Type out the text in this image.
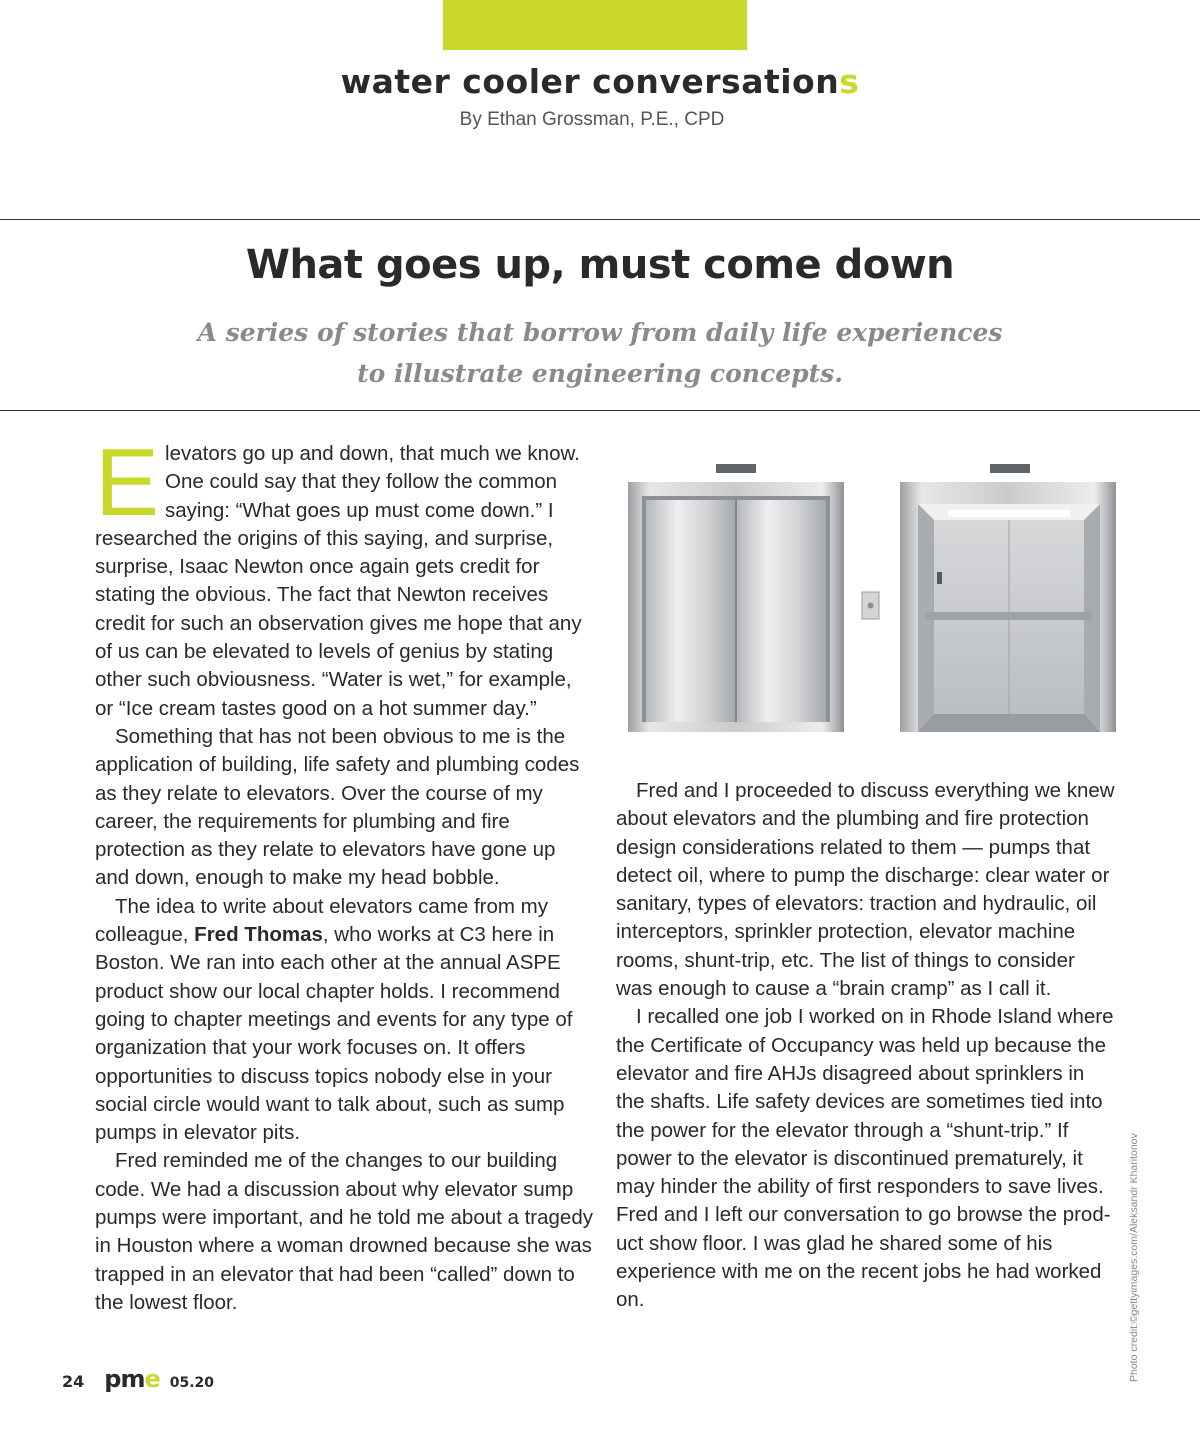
water cooler conversations
By Ethan Grossman, P.E., CPD
What goes up, must come down
A series of stories that borrow from daily life experiences
to illustrate engineering concepts.

Elevators go up and down, that much we know. One could say that they follow the common saying: “What goes up must come down.” I researched the origins of this saying, and surprise, surprise, Isaac Newton once again gets credit for stating the obvious. The fact that Newton receives credit for such an observation gives me hope that any of us can be elevated to levels of genius by stating other such obviousness. “Water is wet,” for example, or “Ice cream tastes good on a hot summer day.”

Something that has not been obvious to me is the application of building, life safety and plumbing codes as they relate to elevators. Over the course of my career, the requirements for plumbing and fire protection as they relate to elevators have gone up and down, enough to make my head bobble.

The idea to write about elevators came from my colleague, Fred Thomas, who works at C3 here in Boston. We ran into each other at the annual ASPE product show our local chapter holds. I recommend going to chapter meetings and events for any type of organization that your work focuses on. It offers opportunities to discuss topics nobody else in your social circle would want to talk about, such as sump pumps in elevator pits.

Fred reminded me of the changes to our building code. We had a discussion about why elevator sump pumps were important, and he told me about a tragedy in Houston where a woman drowned because she was trapped in an elevator that had been “called” down to the lowest floor.

Fred and I proceeded to discuss everything we knew about elevators and the plumbing and fire protection design considerations related to them — pumps that detect oil, where to pump the discharge: clear water or sanitary, types of elevators: traction and hydraulic, oil interceptors, sprinkler protection, elevator machine rooms, shunt-trip, etc. The list of things to consider was enough to cause a “brain cramp” as I call it.

I recalled one job I worked on in Rhode Island where the Certificate of Occupancy was held up because the elevator and fire AHJs disagreed about sprinklers in the shafts. Life safety devices are sometimes tied into the power for the elevator through a “shunt-trip.” If power to the elevator is discontinued prematurely, it may hinder the ability of first responders to save lives. Fred and I left our conversation to go browse the product show floor. I was glad he shared some of his experience with me on the recent jobs he had worked on.	Photo credit:©gettyimages.com/Aleksandr Kharitonov
24 pme 05.20
